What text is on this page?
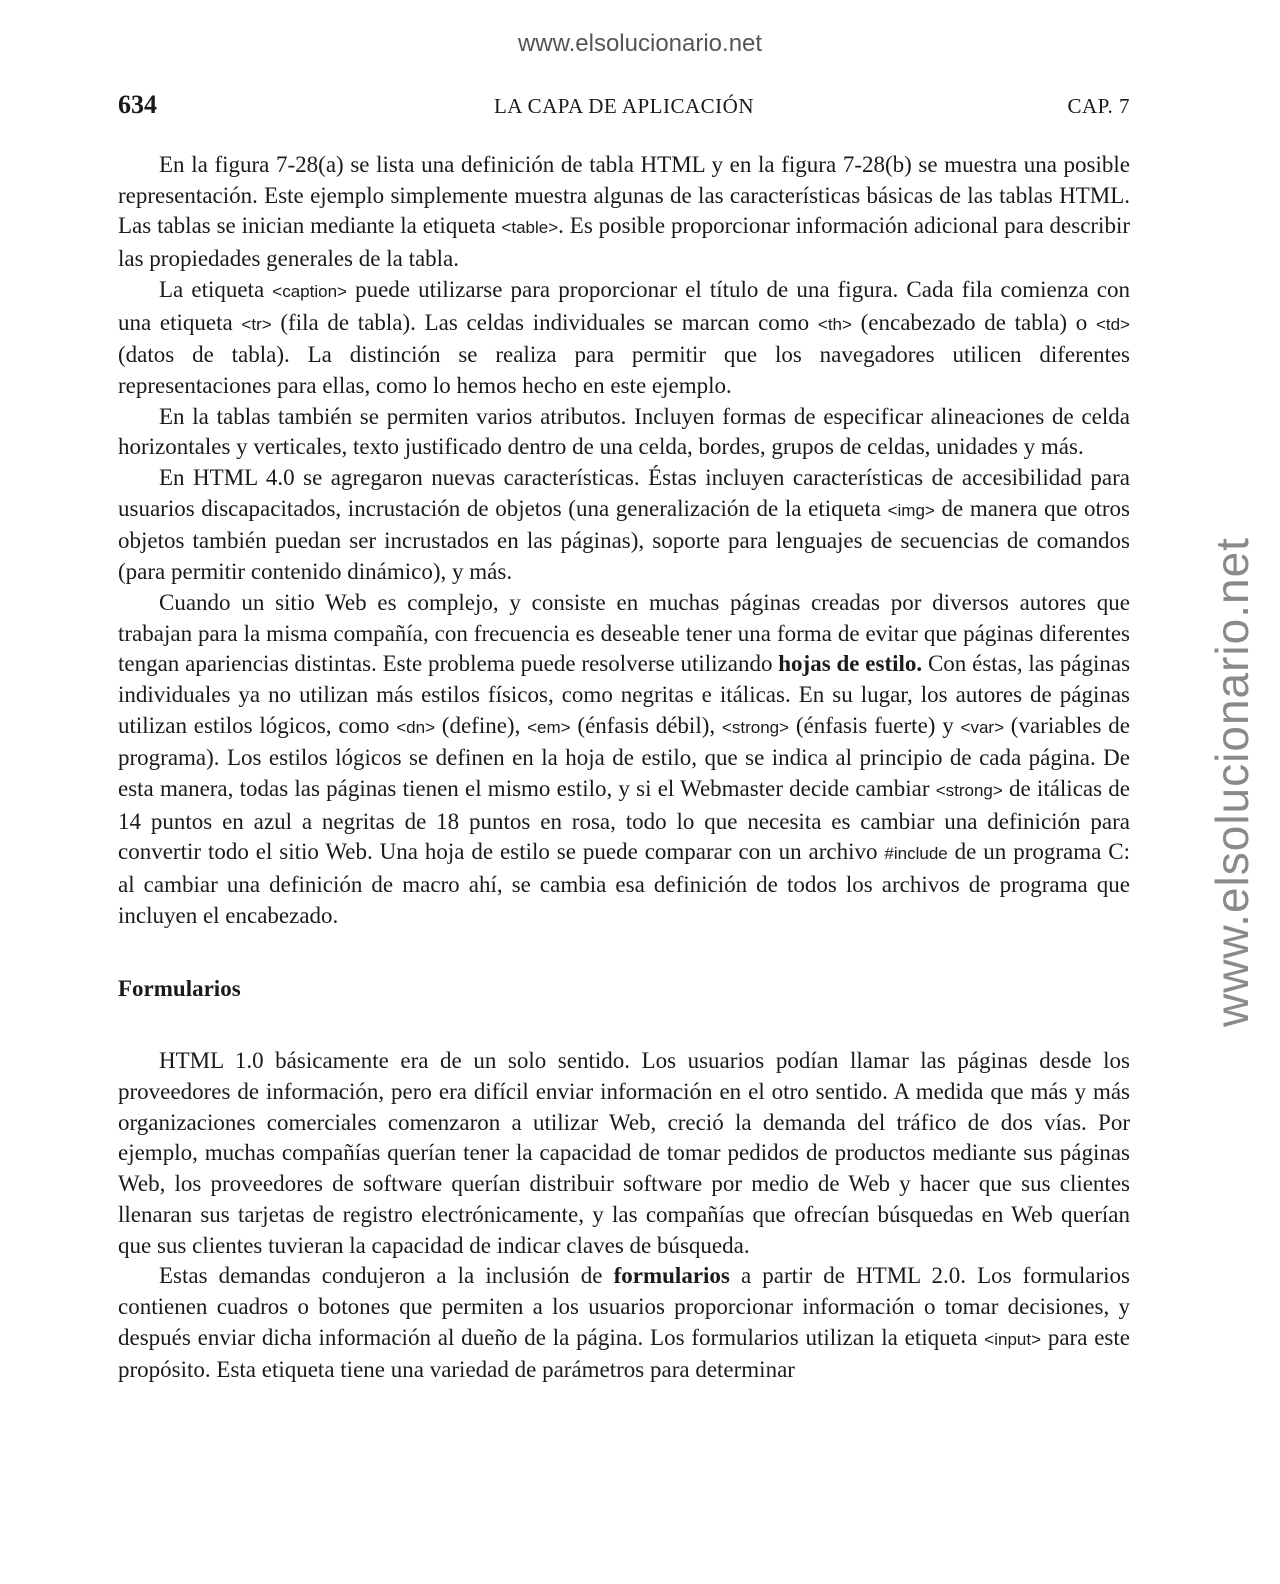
www.elsolucionario.net
www.elsolucionario.net
634	LA CAPA DE APLICACIÓN	CAP. 7

En la figura 7-28(a) se lista una definición de tabla HTML y en la figura 7-28(b) se muestra una posible representación. Este ejemplo simplemente muestra algunas de las características básicas de las tablas HTML. Las tablas se inician mediante la etiqueta <table>. Es posible proporcionar información adicional para describir las propiedades generales de la tabla.

La etiqueta <caption> puede utilizarse para proporcionar el título de una figura. Cada fila comienza con una etiqueta <tr> (fila de tabla). Las celdas individuales se marcan como <th> (encabezado de tabla) o <td> (datos de tabla). La distinción se realiza para permitir que los navegadores utilicen diferentes representaciones para ellas, como lo hemos hecho en este ejemplo.

En la tablas también se permiten varios atributos. Incluyen formas de especificar alineaciones de celda horizontales y verticales, texto justificado dentro de una celda, bordes, grupos de celdas, unidades y más.

En HTML 4.0 se agregaron nuevas características. Éstas incluyen características de accesibilidad para usuarios discapacitados, incrustación de objetos (una generalización de la etiqueta <img> de manera que otros objetos también puedan ser incrustados en las páginas), soporte para lenguajes de secuencias de comandos (para permitir contenido dinámico), y más.

Cuando un sitio Web es complejo, y consiste en muchas páginas creadas por diversos autores que trabajan para la misma compañía, con frecuencia es deseable tener una forma de evitar que páginas diferentes tengan apariencias distintas. Este problema puede resolverse utilizando hojas de estilo. Con éstas, las páginas individuales ya no utilizan más estilos físicos, como negritas e itálicas. En su lugar, los autores de páginas utilizan estilos lógicos, como <dn> (define), <em> (énfasis débil), <strong> (énfasis fuerte) y <var> (variables de programa). Los estilos lógicos se definen en la hoja de estilo, que se indica al principio de cada página. De esta manera, todas las páginas tienen el mismo estilo, y si el Webmaster decide cambiar <strong> de itálicas de 14 puntos en azul a negritas de 18 puntos en rosa, todo lo que necesita es cambiar una definición para convertir todo el sitio Web. Una hoja de estilo se puede comparar con un archivo #include de un programa C: al cambiar una definición de macro ahí, se cambia esa definición de todos los archivos de programa que incluyen el encabezado.

Formularios

HTML 1.0 básicamente era de un solo sentido. Los usuarios podían llamar las páginas desde los proveedores de información, pero era difícil enviar información en el otro sentido. A medida que más y más organizaciones comerciales comenzaron a utilizar Web, creció la demanda del tráfico de dos vías. Por ejemplo, muchas compañías querían tener la capacidad de tomar pedidos de productos mediante sus páginas Web, los proveedores de software querían distribuir software por medio de Web y hacer que sus clientes llenaran sus tarjetas de registro electrónicamente, y las compañías que ofrecían búsquedas en Web querían que sus clientes tuvieran la capacidad de indicar claves de búsqueda.

Estas demandas condujeron a la inclusión de formularios a partir de HTML 2.0. Los formularios contienen cuadros o botones que permiten a los usuarios proporcionar información o tomar decisiones, y después enviar dicha información al dueño de la página. Los formularios utilizan la etiqueta <input> para este propósito. Esta etiqueta tiene una variedad de parámetros para determinar
